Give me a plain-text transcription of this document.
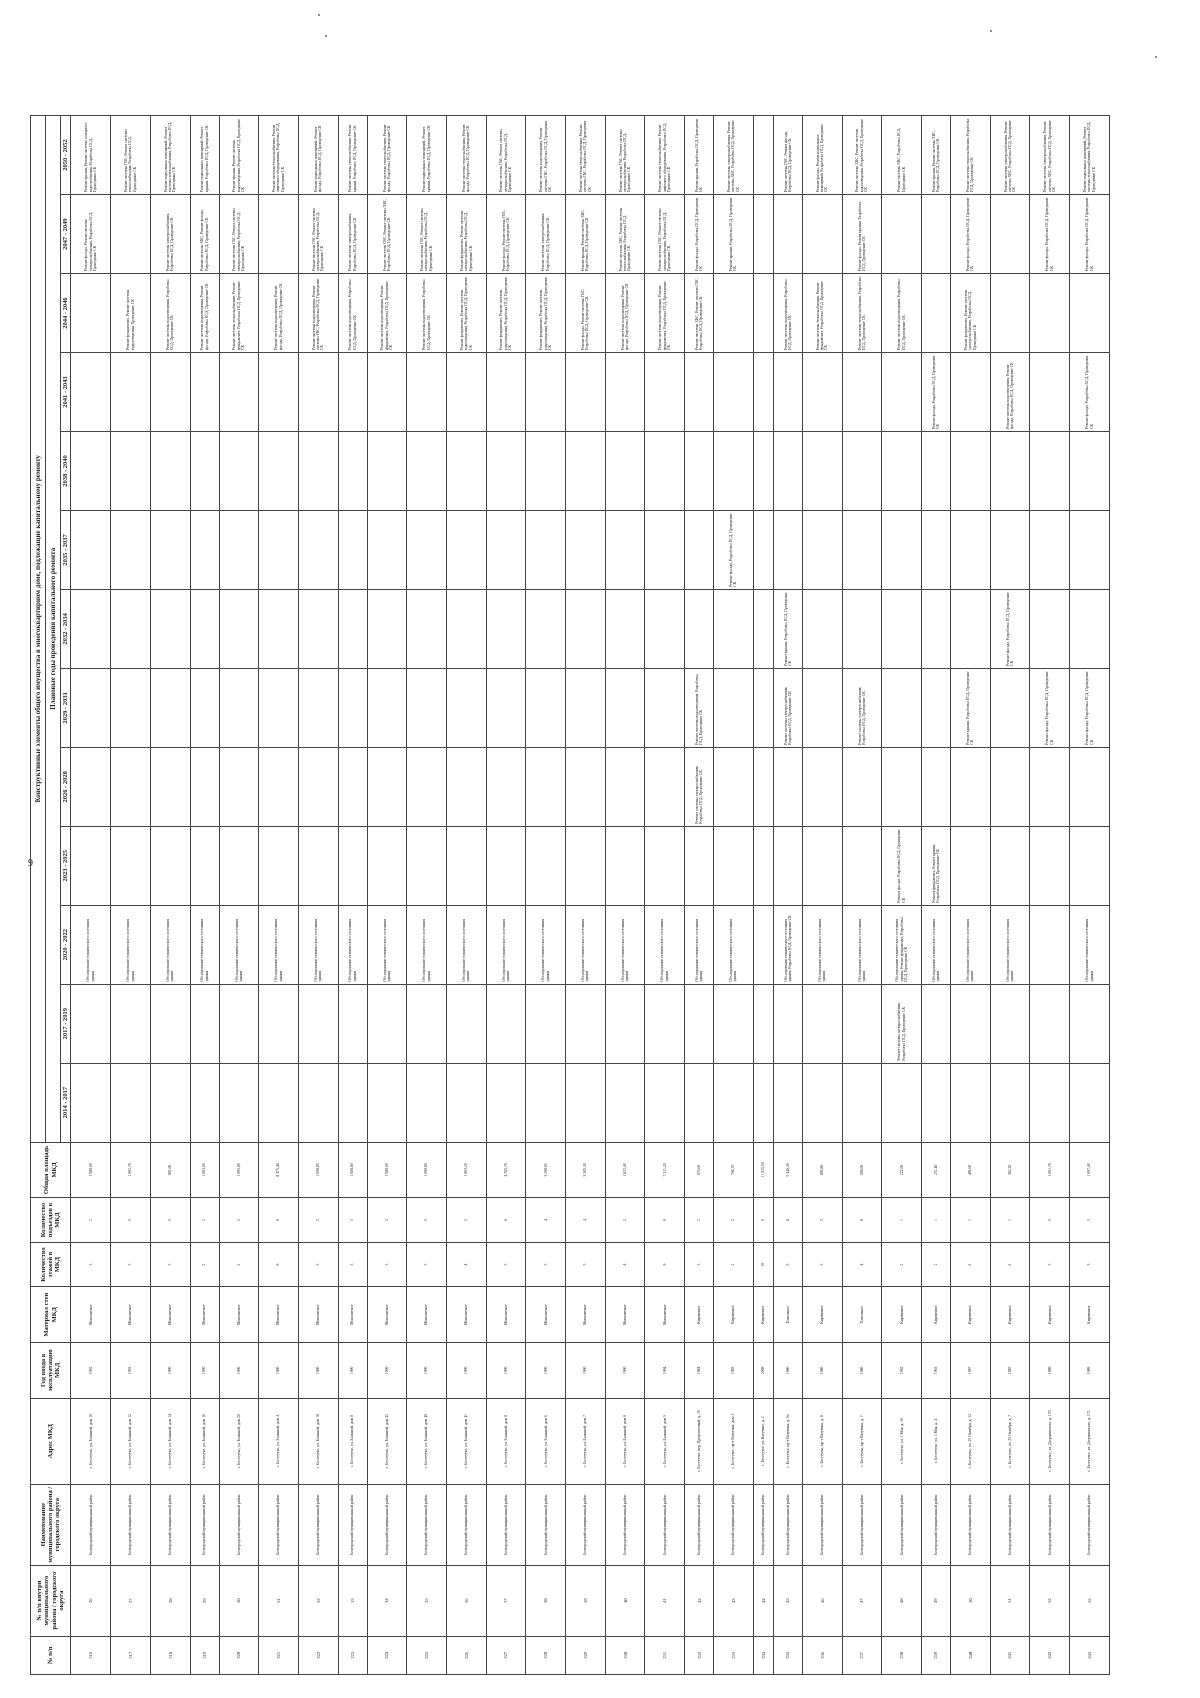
9
№ п/п	№ п/п внутри муниципального района / городского округа	Наименование муниципального района / городского округа	Адрес МКД	Год ввода в эксплуатацию МКД	Материал стен МКД	Количество этажей в МКД	Количество подъездов в МКД	Общая площадь МКД	Конструктивные элементы общего имущества в многоквартирном доме, подлежащие капитальному ремонту												
									Плановые годы проведения капитального ремонта												
									2014 - 2017	2017 - 2019	2020 - 2022	2023 - 2025	2026 - 2028	2029 - 2031	2032 - 2034	2035 - 2037	2038 - 2040	2041 - 2043	2044 - 2046	2047 - 2049	2050 - 2052
216	26	Белгородский муниципальный район	с. Бесегутье, ул. Большой, дом 10	1992	Монолитное	3	2	1 080,00			Обследование технического состояния здания									Ремонт фасада, Ремонт системы электроснабжения, Разработка ПСД, Проведение СК	Ремонт крыши, Ремонт системы холодного водоснабжения, Разработка ПСД, Проведение СК
217	27	Белгородский муниципальный район	с. Бесегутье, ул. Большой, дом 12	1992	Монолитное	3	3	1 092,70			Обследование технического состояния здания								Ремонт фундамента, Ремонт системы водоотведения, Проведение СК		Ремонт системы ГВС, Ремонт системы теплоснабжения, Разработка ПСД, Проведение СК
218	28	Белгородский муниципальный район	с. Бесегутье, ул. Большой, дом 14	1990	Монолитное	3	3	981,00			Обследование технического состояния здания								Ремонт системы водоотведения, Разработка ПСД, Проведение СК	Ремонт системы электроснабжения, Разработка ПСД, Проведение СК	Ремонт подвальных помещений, Ремонт системы теплоснабжения, Разработка ПСД, Проведение СК
219	29	Белгородский муниципальный район	с. Бесегутье, ул. Большой, дом 16	1990	Монолитное	2	2	1 083,00			Обследование технического состояния здания								Ремонт системы водоотведения, Ремонт фасада, Разработка ПСД, Проведение СК	Ремонт системы ХВС, Ремонт фасада, Разработка ПСД, Проведение СК	Ремонт подвальных помещений, Ремонт крыши, Разработка ПСД, Проведение СК
220	30	Белгородский муниципальный район	с. Бесегутье, ул. Большой, дом 20	1990	Монолитное	2	2	1 095,00			Обследование технического состояния здания								Ремонт системы теплоснабжения, Ремонт фундамента, Разработка ПСД, Проведение СК	Ремонт системы ГВС, Ремонт системы электроснабжения, Разработка ПСД, Проведение СК	Ремонт крыши, Ремонт системы водоотведения, Разработка ПСД, Проведение СК
221	31	Белгородский муниципальный район	с. Бесегутье, ул. Большой, дом 4	1990	Монолитное	9	9	8 475,40			Обследование технического состояния здания								Ремонт системы водоотведения, Ремонт фасада, Разработка ПСД, Проведение СК		Ремонт системы теплоснабжения, Ремонт лифтового оборудования, Разработка ПСД, Проведение СК
222	32	Белгородский муниципальный район	с. Бесегутье, ул. Большой, дом 18	1990	Монолитное	3	2	1 098,85			Обследование технического состояния здания								Ремонт системы водоотведения, Ремонт системы ГВС, Разработка ПСД, Проведение СК	Ремонт системы ГВС, Ремонт системы электроснабжения, Разработка ПСД, Проведение СК	Ремонт подвальных помещений, Ремонт фасада, Разработка ПСД, Проведение СК
223	33	Белгородский муниципальный район	с. Бесегутье, ул. Большой, дом 8	1990	Монолитное	3	3	1 088,80			Обследование технического состояния здания								Ремонт системы водоотведения, Разработка ПСД, Проведение СК	Ремонт системы электроснабжения, Разработка ПСД, Проведение СК	Ремонт системы теплоснабжения, Ремонт крыши, Разработка ПСД, Проведение СК
224	34	Белгородский муниципальный район	с. Бесегутье, ул. Большой, дом 42	1990	Монолитное	3	3	1 080,00			Обследование технического состояния здания								Ремонт системы водоотведения, Ремонт фундамента, Разработка ПСД, Проведение СК	Ремонт системы ГВС, Ремонт системы ХВС, Разработка ПСД, Проведение СК	Ремонт системы теплоснабжения, Ремонт фасада, Разработка ПСД, Проведение СК
225	35	Белгородский муниципальный район	с. Бесегутье, ул. Большой, дом 40	1990	Монолитное	3	3	1 098,80			Обследование технического состояния здания								Ремонт системы водоотведения, Разработка ПСД, Проведение СК	Ремонт системы ГВС, Ремонт системы электроснабжения, Разработка ПСД, Проведение СК	Ремонт подвальных помещений, Ремонт крыши, Разработка ПСД, Проведение СК
226	36	Белгородский муниципальный район	с. Бесегутье, ул. Большой, дом 41	1990	Монолитное	4	2	1 803,20			Обследование технического состояния здания								Ремонт фундамента, Ремонт системы водоотведения, Разработка ПСД, Проведение СК	Ремонт фундамента, Ремонт системы электроснабжения, Разработка ПСД, Проведение СК	Ремонт системы теплоснабжения, Ремонт фасада, Разработка ПСД, Проведение СК
227	37	Белгородский муниципальный район	с. Бесегутье, ул. Большой, дом 8	1990	Монолитное	5	6	4 765,70			Обследование технического состояния здания								Ремонт фундамента, Ремонт системы водоотведения, Разработка ПСД, Проведение СК	Ремонт фасада, Ремонт системы ГВС, Разработка ПСД, Проведение СК	Ремонт системы ГВС, Ремонт системы электроснабжения, Разработка ПСД, Проведение СК
228	38	Белгородский муниципальный район	с. Бесегутье, ул. Большой, дом 6	1990	Монолитное	5	4	3 298,92			Обследование технического состояния здания								Ремонт фундамента, Ремонт системы водоотведения, Разработка ПСД, Проведение СК	Ремонт системы электроснабжения, Разработка ПСД, Проведение СК	Ремонт системы водоотведения, Ремонт системы ГВС, Разработка ПСД, Проведение СК
229	39	Белгородский муниципальный район	с. Бесегутье, ул. Большой, дом 7	1990	Монолитное	5	4	3 385,30			Обследование технического состояния здания								Ремонт фасада, Ремонт системы ГВС, Разработка ПСД, Проведение СК	Ремонт крыши, Ремонт системы ХВС, Разработка ПСД, Проведение СК	Ремонт системы теплоснабжения, Ремонт системы ГВС, Разработка ПСД, Проведение СК
230	40	Белгородский муниципальный район	с. Бесегутье, ул. Большой, дом 8	1990	Монолитное	4	2	1 822,00			Обследование технического состояния здания								Ремонт системы водоотведения, Ремонт фасада, Разработка ПСД, Проведение СК	Ремонт системы ХВС, Ремонт системы теплоснабжения, Разработка ПСД, Проведение СК	Ремонт системы ГВС, Ремонт системы электроснабжения, Разработка ПСД, Проведение СК
231	41	Белгородский муниципальный район	с. Бесегутье, ул. Большой, дом 5	1994	Монолитное	9	9	7 311,20			Обследование технического состояния здания								Ремонт системы водоотведения, Ремонт фундамента, Разработка ПСД, Проведение СК	Ремонт системы ГВС, Ремонт системы электроснабжения, Разработка ПСД, Проведение СК	Ремонт системы теплоснабжения, Ремонт лифтового оборудования, Разработка ПСД, Проведение СК
232	42	Белгородский муниципальный район	с. Бесегутье, пер. Профсоюзный, д. 16	1984	Кирпичное	3	2	676,60			Обследование технического состояния здания		Ремонт системы электроснабжения, Разработка ПСД, Проведение СК	Ремонт системы водоотведения, Разработка ПСД, Проведение СК					Ремонт системы ХВС, Ремонт системы ГВС, Разработка ПСД, Проведение СК	Ремонт фасада, Разработка ПСД, Проведение СК	Ремонт крыши, Разработка ПСД, Проведение СК
233	43	Белгородский муниципальный район	с. Бесегутье, пр-т Ватутина, дом 3	1983	Кирпичное	2	2	704,70			Обследование технического состояния здания					Ремонт фасада, Разработка ПСД, Проведение СК				Ремонт крыши, Разработка ПСД, Проведение СК	Ремонт системы электроснабжения, Ремонт системы ХВС, Разработка ПСД, Проведение СК
234	44	Белгородский муниципальный район	с. Бесегутье, ул. Ватутина, д. 2	2008	Кирпичное	10	6	11 025,50													
235	45	Белгородский муниципальный район	с. Бесегутье, пр-т Ватутина, д. 6а	1986	Панельное	5	8	5 440,30			Обследование технического состояния здания, Разработка ПСД, Проведение СК			Ремонт системы электроснабжения, Разработка ПСД, Проведение СК	Ремонт крыши, Разработка ПСД, Проведение СК				Ремонт системы водоотведения, Разработка ПСД, Проведение СК		Ремонт системы ГВС, Ремонт фасада, Разработка ПСД, Проведение СК
236	46	Белгородский муниципальный район	с. Бесегутье, пр-т Ватутина, д. 8	1980	Кирпичное	3	3	895,80			Обследование технического состояния здания								Ремонт системы теплоснабжения, Ремонт фундамента, Разработка ПСД, Проведение СК		Ремонт фасада, Ремонт подвальных помещений, Разработка ПСД, Проведение СК
237	47	Белгородский муниципальный район	с. Бесегутье, пр-т Ватутина, д. 7	1980	Панельное	4	8	580,00			Обследование технического состояния здания			Ремонт системы электроснабжения, Разработка ПСД, Проведение СК					Ремонт системы теплоснабжения, Разработка ПСД, Проведение СК	Ремонт фасада, Ремонт крыши, Разработка ПСД, Проведение СК	Ремонт системы ХВС, Ремонт системы водоотведения, Разработка ПСД, Проведение СК
238	48	Белгородский муниципальный район	с. Бесегутье, ул. 1 Мая, д. 30	1962	Кирпичное	2	1	222,00		Ремонт системы электроснабжения, Разработка ПСД, Проведение СК	Обследование технического состояния здания, Ремонт фундамента, Разработка ПСД, Проведение СК	Ремонт фасада, Разработка ПСД, Проведение СК							Ремонт системы водоотведения, Разработка ПСД, Проведение СК		Ремонт системы ХВС, Разработка ПСД, Проведение СК
239	49	Белгородский муниципальный район	с. Бесегутье, ул. 1 Мая, д. 4	1963	Кирпичное	2	1	251,40			Обследование технического состояния здания	Ремонт фундамента, Ремонт крыши, Разработка ПСД, Проведение СК						Ремонт фасада, Разработка ПСД, Проведение СК			Ремонт крыши, Ремонт системы ХВС, Разработка ПСД, Проведение СК
240	50	Белгородский муниципальный район	с. Бесегутье, ул. 25 Октября, д. 12	1987	Кирпичное	2	1	406,60			Обследование технического состояния здания			Ремонт крыши, Разработка ПСД, Проведение СК					Ремонт фундамента, Ремонт системы электроснабжения, Разработка ПСД, Проведение СК	Ремонт фасада, Разработка ПСД, Проведение СК	Ремонт системы теплоснабжения, Разработка ПСД, Проведение СК
241	51	Белгородский муниципальный район	с. Бесегутье, ул. 25 Октября, д. 7	1983	Кирпичное	2	1	362,20			Обследование технического состояния здания				Ремонт фасада, Разработка ПСД, Проведение СК			Ремонт системы водоотведения, Ремонт фасада, Разработка ПСД, Проведение СК			Ремонт системы электроснабжения, Ремонт системы ХВС, Разработка ПСД, Проведение СК
242	52	Белгородский муниципальный район	с. Бесегутье, ул. Дзержинского, д. 170	1989	Кирпичное	3	3	1 081,70						Ремонт фасада, Разработка ПСД, Проведение СК						Ремонт фасада, Разработка ПСД, Проведение СК	Ремонт системы электроснабжения, Ремонт системы ХВС, Разработка ПСД, Проведение СК
243	53	Белгородский муниципальный район	с. Бесегутье, ул. Дзержинского, д. 172	1989	Кирпичное	3	3	1 097,00			Обследование технического состояния здания			Ремонт фасада, Разработка ПСД, Проведение СК				Ремонт фасада, Разработка ПСД, Проведение СК		Ремонт фасада, Разработка ПСД, Проведение СК	Ремонт подвальных помещений, Ремонт системы теплоснабжения, Разработка ПСД, Проведение СК
